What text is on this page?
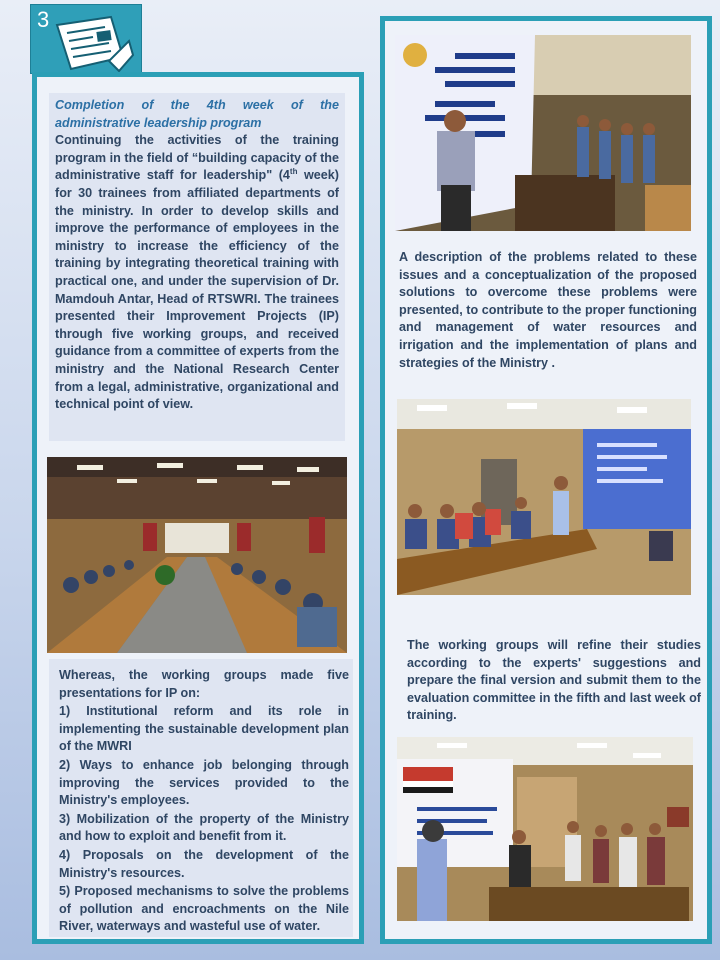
3
Completion of the 4th week of the administrative leadership program
Continuing the activities of the training program in the field of “building capacity of the administrative staff for leadership" (4th week) for 30 trainees from affiliated departments of the ministry. In order to develop skills and improve the performance of employees in the ministry to increase the efficiency of the training by integrating theoretical training with practical one, and under the supervision of Dr. Mamdouh Antar, Head of RTSWRI. The trainees presented their Improvement Projects (IP) through five working groups, and received guidance from a committee of experts from the ministry and the National Research Center from a legal, administrative, organizational and technical point of view.

Whereas, the working groups made five presentations for IP on:

1) Institutional reform and its role in implementing the sustainable development plan of the MWRI

2) Ways to enhance job belonging through improving the services provided to the Ministry's employees.

3) Mobilization of the property of the Ministry and how to exploit and benefit from it.

4) Proposals on the development of the Ministry's resources.

5) Proposed mechanisms to solve the problems of pollution and encroachments on the Nile River, waterways and wasteful use of water.

A description of the problems related to these issues and a conceptualization of the proposed solutions to overcome these problems were presented, to contribute to the proper functioning and management of water resources and irrigation and the implementation of plans and strategies of the Ministry .
The working groups will refine their studies according to the experts' suggestions and prepare the final version and submit them to the evaluation committee in the fifth and last week of training.
